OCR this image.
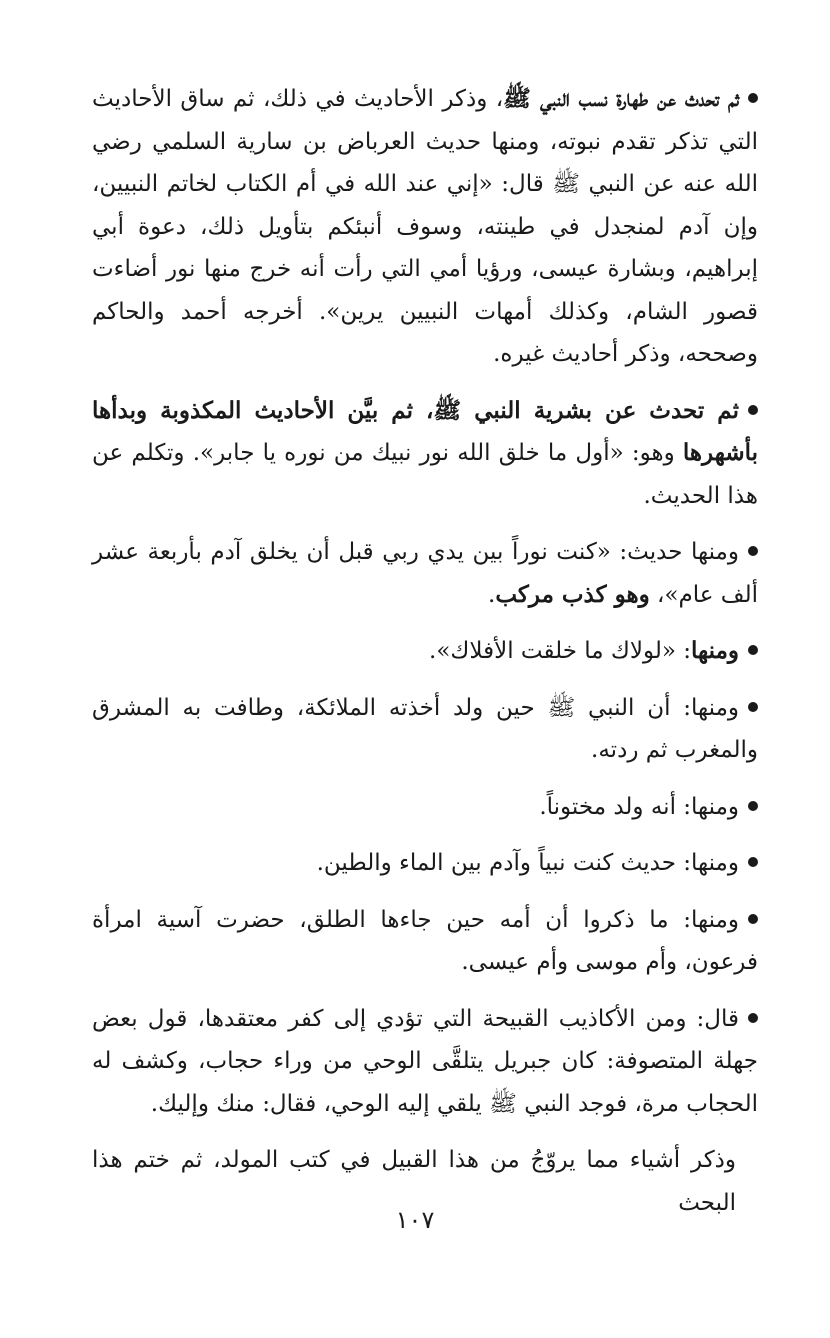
ثم تحدث عن طهارة نسب النبي ﷺ، وذكر الأحاديث في ذلك، ثم ساق الأحاديث التي تذكر تقدم نبوته، ومنها حديث العرباض بن سارية السلمي رضي الله عنه عن النبي ﷺ قال: «إني عند الله في أم الكتاب لخاتم النبيين، وإن آدم لمنجدل في طينته، وسوف أنبئكم بتأويل ذلك، دعوة أبي إبراهيم، وبشارة عيسى، ورؤيا أمي التي رأت أنه خرج منها نور أضاءت قصور الشام، وكذلك أمهات النبيين يرين». أخرجه أحمد والحاكم وصححه، وذكر أحاديث غيره.

ثم تحدث عن بشرية النبي ﷺ، ثم بيَّن الأحاديث المكذوبة وبدأها بأشهرها وهو: «أول ما خلق الله نور نبيك من نوره يا جابر». وتكلم عن هذا الحديث.

ومنها حديث: «كنت نوراً بين يدي ربي قبل أن يخلق آدم بأربعة عشر ألف عام»، وهو كذب مركب.

ومنها: «لولاك ما خلقت الأفلاك».

ومنها: أن النبي ﷺ حين ولد أخذته الملائكة، وطافت به المشرق والمغرب ثم ردته.

ومنها: أنه ولد مختوناً.

ومنها: حديث كنت نبياً وآدم بين الماء والطين.

ومنها: ما ذكروا أن أمه حين جاءها الطلق، حضرت آسية امرأة فرعون، وأم موسى وأم عيسى.

قال: ومن الأكاذيب القبيحة التي تؤدي إلى كفر معتقدها، قول بعض جهلة المتصوفة: كان جبريل يتلقَّى الوحي من وراء حجاب، وكشف له الحجاب مرة، فوجد النبي ﷺ يلقي إليه الوحي، فقال: منك وإليك.

وذكر أشياء مما يروّجُ من هذا القبيل في كتب المولد، ثم ختم هذا البحث

١٠٧
